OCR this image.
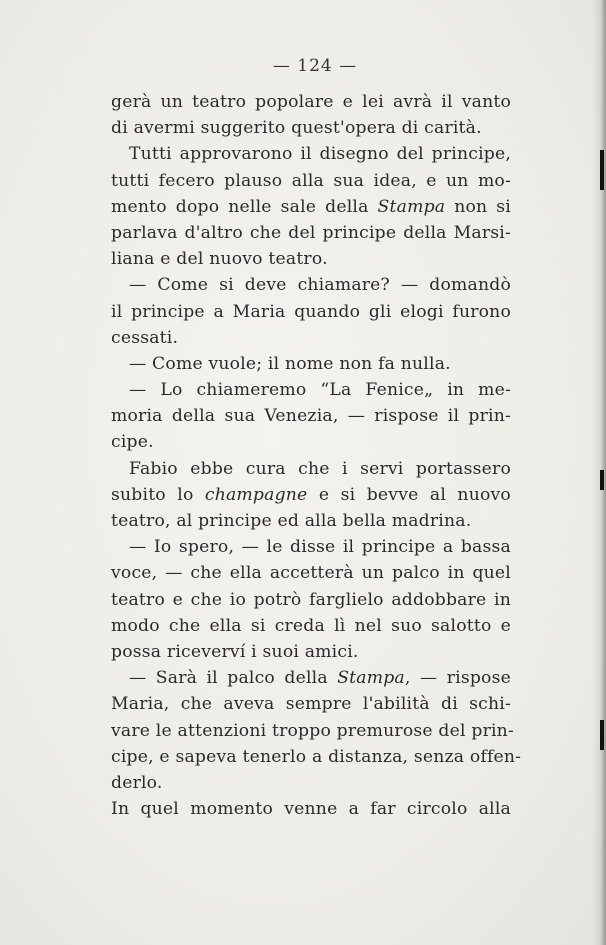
— 124 —
gerà un teatro popolare e lei avrà il vanto
di avermi suggerito quest'opera di carità.
Tutti approvarono il disegno del principe,
tutti fecero plauso alla sua idea, e un mo-
mento dopo nelle sale della Stampa non si
parlava d'altro che del principe della Marsi-
liana e del nuovo teatro.
— Come si deve chiamare? — domandò
il principe a Maria quando gli elogi furono
cessati.
— Come vuole; il nome non fa nulla.
— Lo chiameremo “La Fenice„ in me-
moria della sua Venezia, — rispose il prin-
cipe.
Fabio ebbe cura che i servi portassero
subito lo champagne e si bevve al nuovo
teatro, al principe ed alla bella madrina.
— Io spero, — le disse il principe a bassa
voce, — che ella accetterà un palco in quel
teatro e che io potrò farglielo addobbare in
modo che ella si creda lì nel suo salotto e
possa riceverví i suoi amici.
— Sarà il palco della Stampa, — rispose
Maria, che aveva sempre l'abilità di schi-
vare le attenzioni troppo premurose del prin-
cipe, e sapeva tenerlo a distanza, senza offen-
derlo.
In quel momento venne a far circolo alla
